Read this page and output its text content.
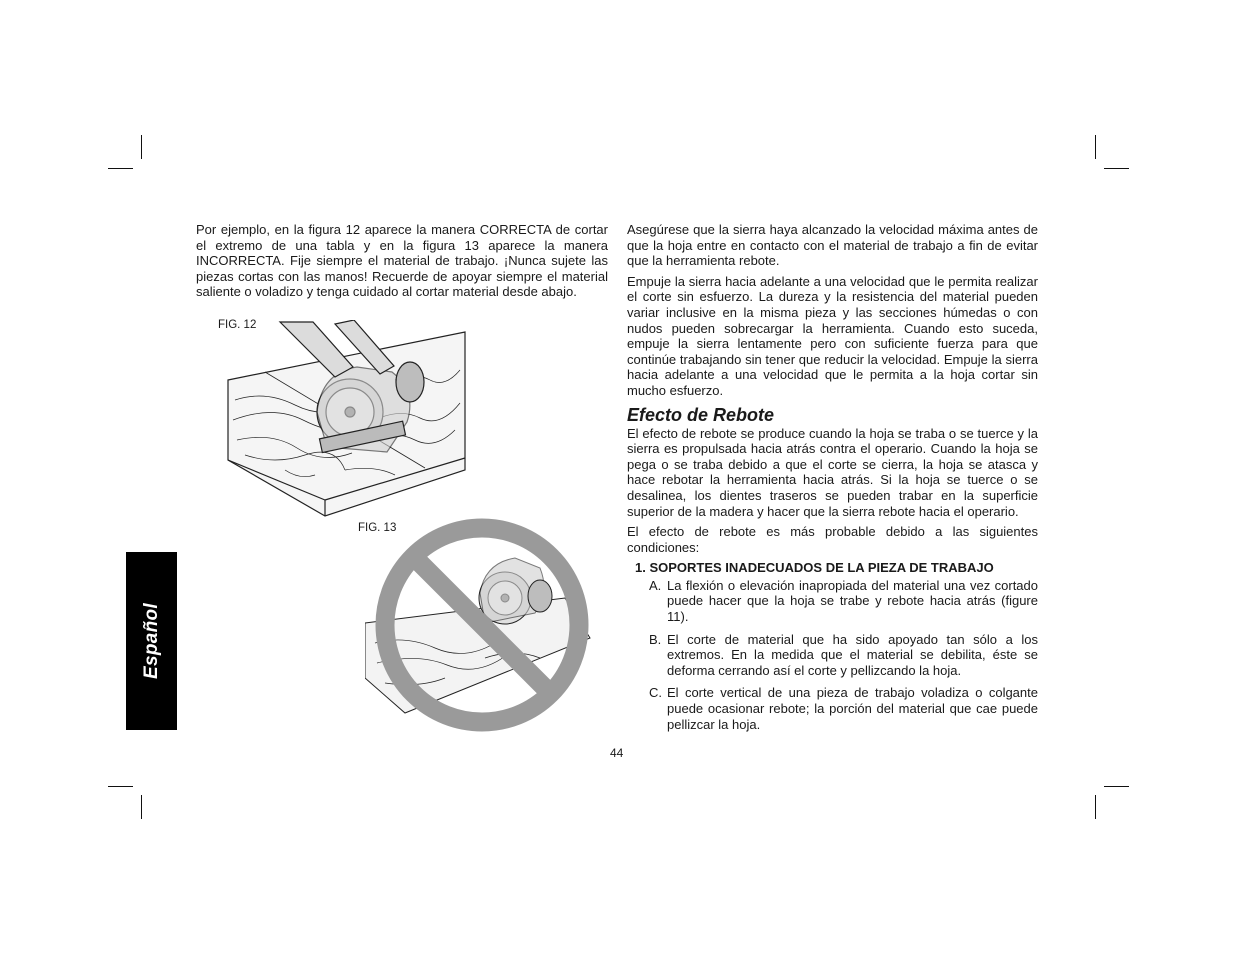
Por ejemplo, en la figura 12 aparece la manera CORRECTA de cortar el extremo de una tabla y en la figura 13 aparece la manera INCORRECTA. Fije siempre el material de trabajo. ¡Nunca sujete las piezas cortas con las manos! Recuerde de apoyar siempre el material saliente o voladizo y tenga cuidado al cortar material desde abajo.

FIG. 12
FIG. 13

Asegúrese que la sierra haya alcanzado la velocidad máxima antes de que la hoja entre en contacto con el material de trabajo a fin de evitar que la herramienta rebote.

Empuje la sierra hacia adelante a una velocidad que le permita realizar el corte sin esfuerzo. La dureza y la resistencia del material pueden variar inclusive en la misma pieza y las secciones húmedas o con nudos pueden sobrecargar la herramienta. Cuando esto suceda, empuje la sierra lentamente pero con suficiente fuerza para que continúe trabajando sin tener que reducir la velocidad. Empuje la sierra hacia adelante a una velocidad que le permita a la hoja cortar sin mucho esfuerzo.

Efecto de Rebote

El efecto de rebote se produce cuando la hoja se traba o se tuerce y la sierra es propulsada hacia atrás contra el operario. Cuando la hoja se pega o se traba debido a que el corte se cierra, la hoja se atasca y hace rebotar la herramienta hacia atrás. Si la hoja se tuerce o se desalinea, los dientes traseros se pueden trabar en la superficie superior de la madera y hacer que la sierra rebote hacia el operario.

El efecto de rebote es más probable debido a las siguientes condiciones:

1. SOPORTES INADECUADOS DE LA PIEZA DE TRABAJO
A. La flexión o elevación inapropiada del material una vez cortado puede hacer que la hoja se trabe y rebote hacia atrás (figure 11).

B. El corte de material que ha sido apoyado tan sólo a los extremos. En la medida que el material se debilita, éste se deforma cerrando así el corte y pellizcando la hoja.

C. El corte vertical de una pieza de trabajo voladiza o colgante puede ocasionar rebote; la porción del material que cae puede pellizcar la hoja.

Español
44
